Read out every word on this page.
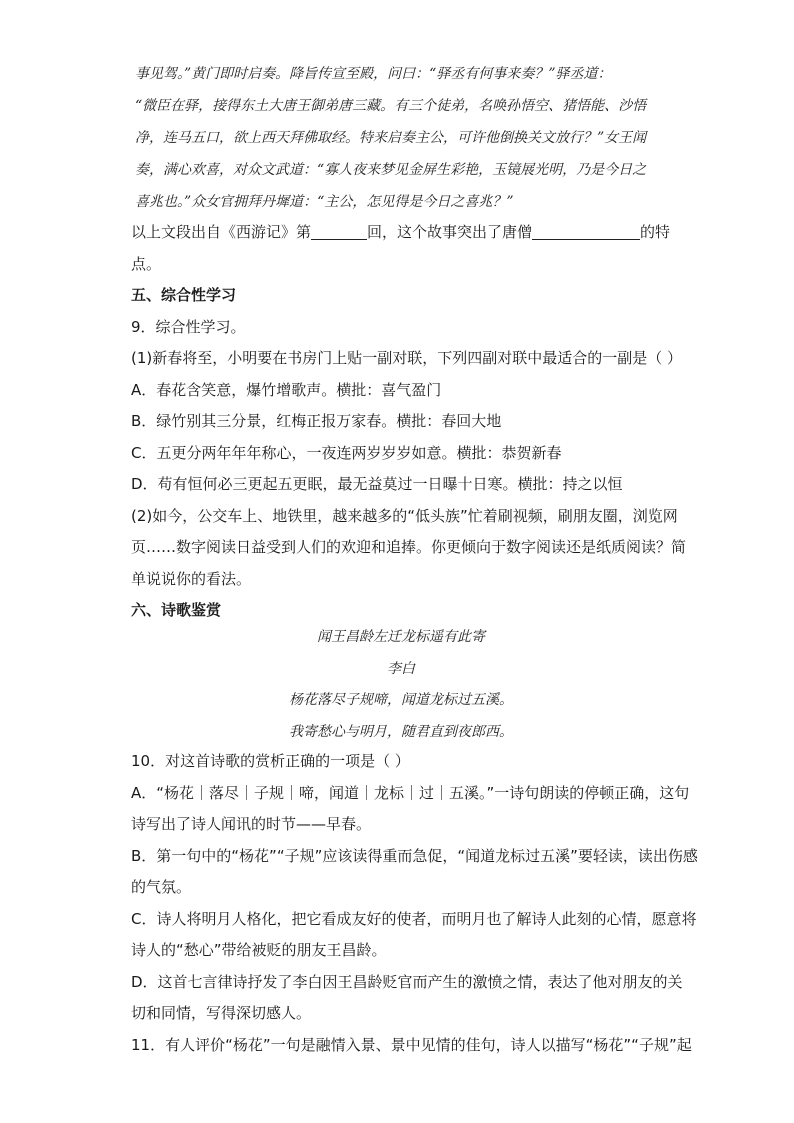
事见驾。”黄门即时启奏。降旨传宣至殿，问曰：“驿丞有何事来奏？”驿丞道：
“微臣在驿，接得东土大唐王御弟唐三藏。有三个徒弟，名唤孙悟空、猪悟能、沙悟
净，连马五口，欲上西天拜佛取经。特来启奏主公，可许他倒换关文放行？”女王闻
奏，满心欢喜，对众文武道：“寡人夜来梦见金屏生彩艳，玉镜展光明，乃是今日之
喜兆也。”众女官拥拜丹墀道：“主公，怎见得是今日之喜兆？”
以上文段出自《西游记》第	回，这个故事突出了唐僧	的特
点。
五、综合性学习
9．综合性学习。
(1)新春将至，小明要在书房门上贴一副对联，下列四副对联中最适合的一副是（ ）
A．春花含笑意，爆竹增歌声。横批：喜气盈门
B．绿竹别其三分景，红梅正报万家春。横批：春回大地
C．五更分两年年年称心，一夜连两岁岁岁如意。横批：恭贺新春
D．苟有恒何必三更起五更眠，最无益莫过一日曝十日寒。横批：持之以恒
(2)如今，公交车上、地铁里，越来越多的“低头族”忙着刷视频，刷朋友圈，浏览网
页……数字阅读日益受到人们的欢迎和追捧。你更倾向于数字阅读还是纸质阅读？简
单说说你的看法。
六、诗歌鉴赏
闻王昌龄左迁龙标遥有此寄
李白
杨花落尽子规啼，闻道龙标过五溪。
我寄愁心与明月，随君直到夜郎西。
10．对这首诗歌的赏析正确的一项是（ ）
A．“杨花｜落尽｜子规｜啼，闻道｜龙标｜过｜五溪。”一诗句朗读的停顿正确，这句
诗写出了诗人闻讯的时节——早春。
B．第一句中的“杨花”“子规”应该读得重而急促，“闻道龙标过五溪”要轻读，读出伤感
的气氛。
C．诗人将明月人格化，把它看成友好的使者，而明月也了解诗人此刻的心情，愿意将
诗人的“愁心”带给被贬的朋友王昌龄。
D．这首七言律诗抒发了李白因王昌龄贬官而产生的激愤之情，表达了他对朋友的关
切和同情，写得深切感人。
11．有人评价“杨花”一句是融情入景、景中见情的佳句，诗人以描写“杨花”“子规”起
